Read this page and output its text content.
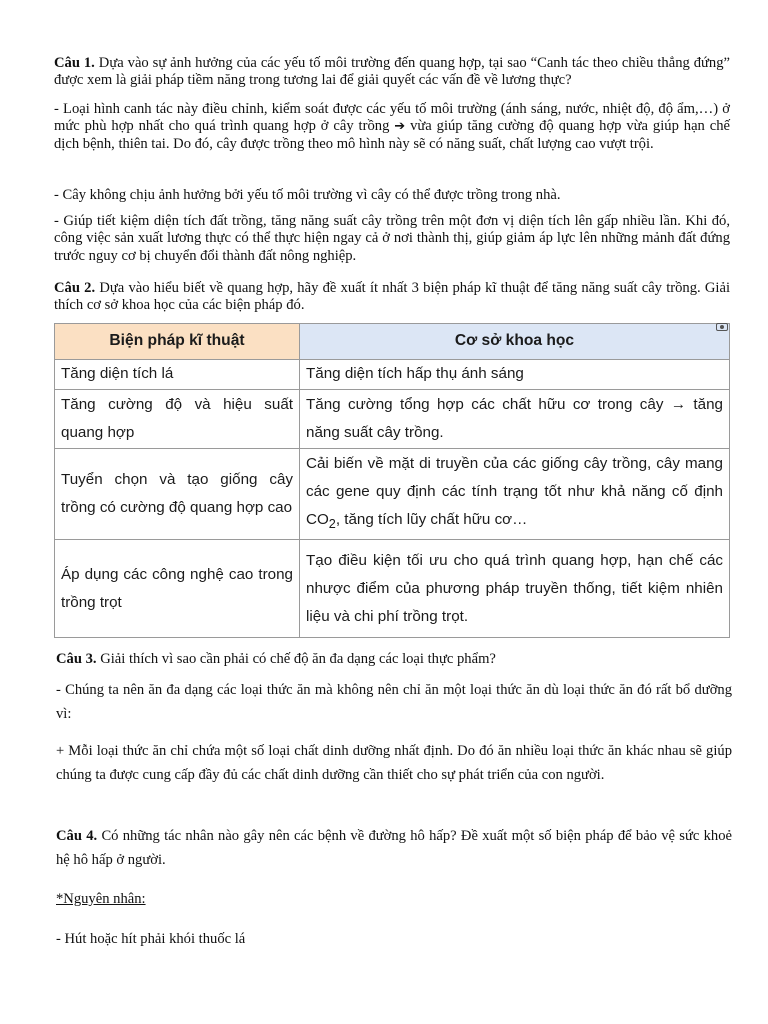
Câu 1. Dựa vào sự ảnh hưởng của các yếu tố môi trường đến quang hợp, tại sao “Canh tác theo chiều thẳng đứng” được xem là giải pháp tiềm năng trong tương lai để giải quyết các vấn đề về lương thực?
- Loại hình canh tác này điều chỉnh, kiểm soát được các yếu tố môi trường (ánh sáng, nước, nhiệt độ, độ ẩm,…) ở mức phù hợp nhất cho quá trình quang hợp ở cây trồng ➔ vừa giúp tăng cường độ quang hợp vừa giúp hạn chế dịch bệnh, thiên tai. Do đó, cây được trồng theo mô hình này sẽ có năng suất, chất lượng cao vượt trội.
- Cây không chịu ảnh hưởng bởi yếu tố môi trường vì cây có thể được trồng trong nhà.
- Giúp tiết kiệm diện tích đất trồng, tăng năng suất cây trồng trên một đơn vị diện tích lên gấp nhiều lần. Khi đó, công việc sản xuất lương thực có thể thực hiện ngay cả ở nơi thành thị, giúp giảm áp lực lên những mảnh đất đứng trước nguy cơ bị chuyển đổi thành đất nông nghiệp.
Câu 2. Dựa vào hiểu biết về quang hợp, hãy đề xuất ít nhất 3 biện pháp kĩ thuật để tăng năng suất cây trồng. Giải thích cơ sở khoa học của các biện pháp đó.
Biện pháp kĩ thuật	Cơ sở khoa học
Tăng diện tích lá	Tăng diện tích hấp thụ ánh sáng
Tăng cường độ và hiệu suất quang hợp	Tăng cường tổng hợp các chất hữu cơ trong cây → tăng năng suất cây trồng.
Tuyển chọn và tạo giống cây trồng có cường độ quang hợp cao	Cải biến về mặt di truyền của các giống cây trồng, cây mang các gene quy định các tính trạng tốt như khả năng cố định $CO_2$, tăng tích lũy chất hữu cơ…
Áp dụng các công nghệ cao trong trồng trọt	Tạo điều kiện tối ưu cho quá trình quang hợp, hạn chế các nhược điểm của phương pháp truyền thống, tiết kiệm nhiên liệu và chi phí trồng trọt.
Câu 3. Giải thích vì sao cần phải có chế độ ăn đa dạng các loại thực phẩm?
- Chúng ta nên ăn đa dạng các loại thức ăn mà không nên chỉ ăn một loại thức ăn dù loại thức ăn đó rất bổ dưỡng vì:
+ Mỗi loại thức ăn chỉ chứa một số loại chất dinh dưỡng nhất định. Do đó ăn nhiều loại thức ăn khác nhau sẽ giúp chúng ta được cung cấp đầy đủ các chất dinh dưỡng cần thiết cho sự phát triển của con người.
Câu 4. Có những tác nhân nào gây nên các bệnh về đường hô hấp? Đề xuất một số biện pháp để bảo vệ sức khoẻ hệ hô hấp ở người.
*Nguyên nhân:
- Hút hoặc hít phải khói thuốc lá
